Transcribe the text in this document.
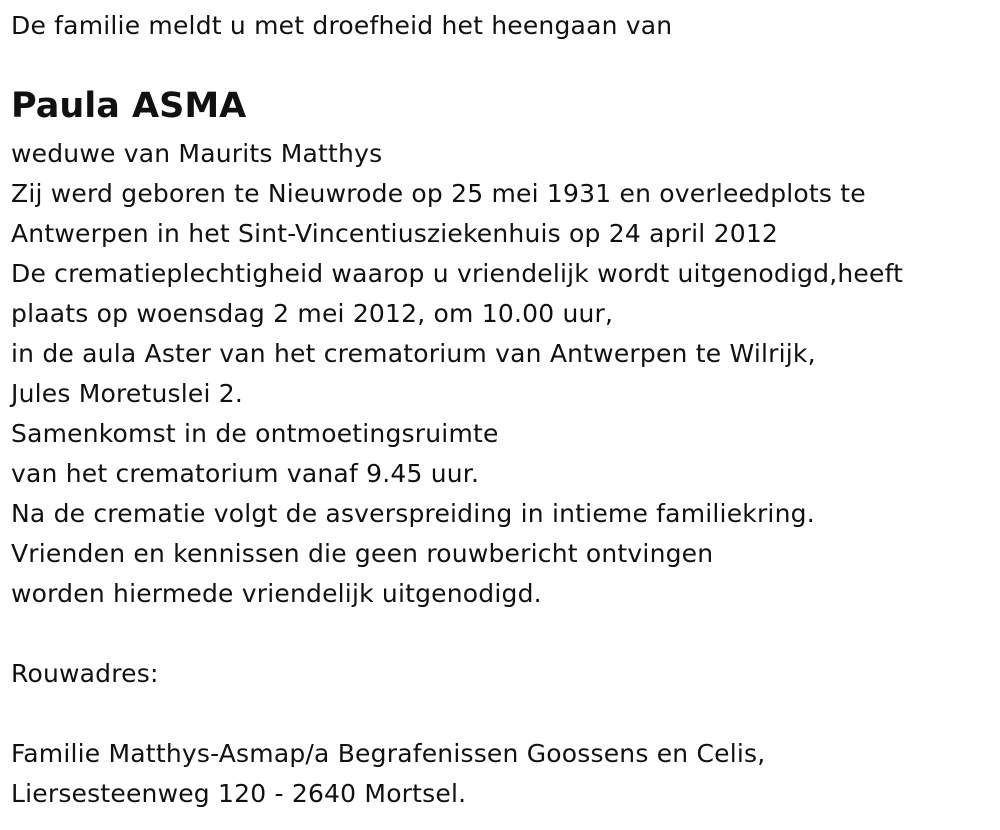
De familie meldt u met droefheid het heengaan van
Paula ASMA
weduwe van Maurits Matthys
Zij werd geboren te Nieuwrode op 25 mei 1931 en overleedplots te
Antwerpen in het Sint-Vincentiusziekenhuis op 24 april 2012
De crematieplechtigheid waarop u vriendelijk wordt uitgenodigd,heeft
plaats op woensdag 2 mei 2012, om 10.00 uur,
in de aula Aster van het crematorium van Antwerpen te Wilrijk,
Jules Moretuslei 2.
Samenkomst in de ontmoetingsruimte
van het crematorium vanaf 9.45 uur.
Na de crematie volgt de asverspreiding in intieme familiekring.
Vrienden en kennissen die geen rouwbericht ontvingen
worden hiermede vriendelijk uitgenodigd.
Rouwadres:
Familie Matthys-Asmap/a Begrafenissen Goossens en Celis,
Liersesteenweg 120 - 2640 Mortsel.
